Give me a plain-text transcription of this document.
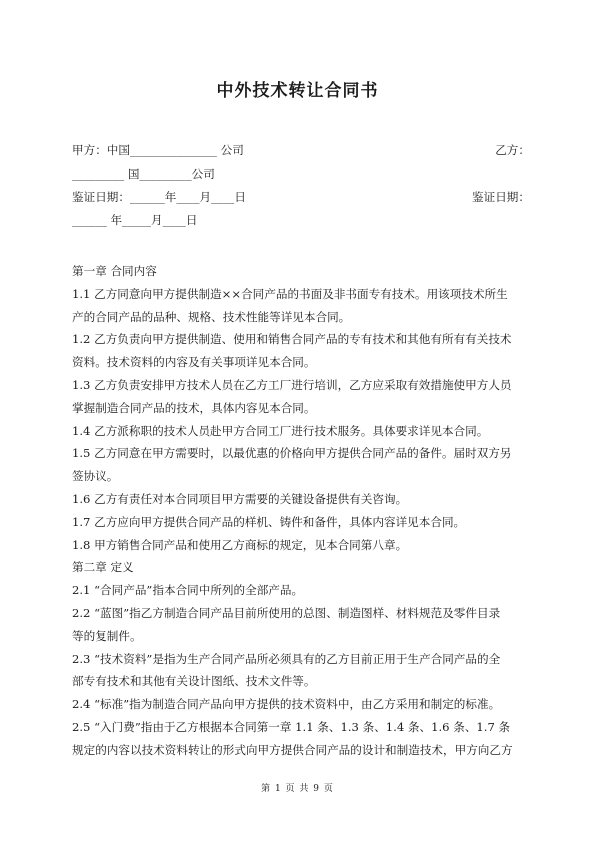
中外技术转让合同书
甲方：中国_______________ 公司	乙方：
_________ 国_________公司
鉴证日期：______年____月____日	鉴证日期：
______ 年_____月____日

第一章 合同内容

1.1 乙方同意向甲方提供制造××合同产品的书面及非书面专有技术。用该项技术所生

产的合同产品的品种、规格、技术性能等详见本合同。

1.2 乙方负责向甲方提供制造、使用和销售合同产品的专有技术和其他有所有有关技术

资料。技术资料的内容及有关事项详见本合同。

1.3 乙方负责安排甲方技术人员在乙方工厂进行培训，乙方应采取有效措施使甲方人员

掌握制造合同产品的技术，具体内容见本合同。

1.4 乙方派称职的技术人员赴甲方合同工厂进行技术服务。具体要求详见本合同。

1.5 乙方同意在甲方需要时，以最优惠的价格向甲方提供合同产品的备件。届时双方另

签协议。

1.6 乙方有责任对本合同项目甲方需要的关键设备提供有关咨询。

1.7 乙方应向甲方提供合同产品的样机、铸件和备件，具体内容详见本合同。

1.8 甲方销售合同产品和使用乙方商标的规定，见本合同第八章。

第二章 定义

2.1 “合同产品”指本合同中所列的全部产品。

2.2 “蓝图”指乙方制造合同产品目前所使用的总图、制造图样、材料规范及零件目录

等的复制件。

2.3 “技术资料”是指为生产合同产品所必须具有的乙方目前正用于生产合同产品的全

部专有技术和其他有关设计图纸、技术文件等。

2.4 “标准”指为制造合同产品向甲方提供的技术资料中，由乙方采用和制定的标准。

2.5 “入门费”指由于乙方根据本合同第一章 1.1 条、1.3 条、1.4 条、1.6 条、1.7 条

规定的内容以技术资料转让的形式向甲方提供合同产品的设计和制造技术，甲方向乙方

第 1 页 共 9 页
